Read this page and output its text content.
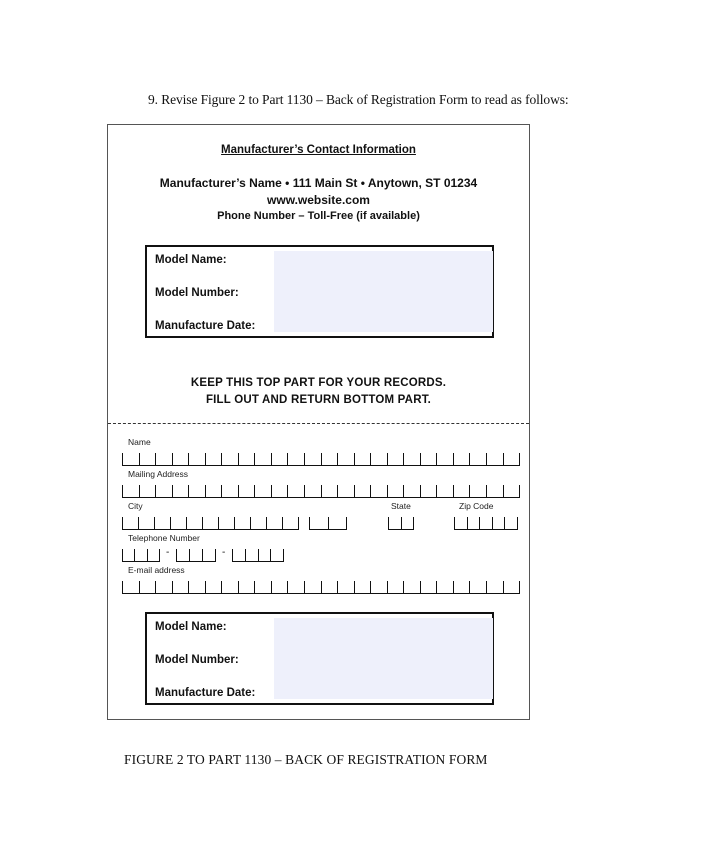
9. Revise Figure 2 to Part 1130 – Back of Registration Form to read as follows:
Manufacturer’s Contact Information
Manufacturer’s Name • 111 Main St • Anytown, ST 01234
www.website.com
Phone Number – Toll-Free (if available)
Model Name:
Model Number:
Manufacture Date:
KEEP THIS TOP PART FOR YOUR RECORDS.
FILL OUT AND RETURN BOTTOM PART.
Name
Mailing Address
City	State	Zip Code
Telephone Number
-	-
E-mail address
Model Name:
Model Number:
Manufacture Date:
FIGURE 2 TO PART 1130 – BACK OF REGISTRATION FORM
